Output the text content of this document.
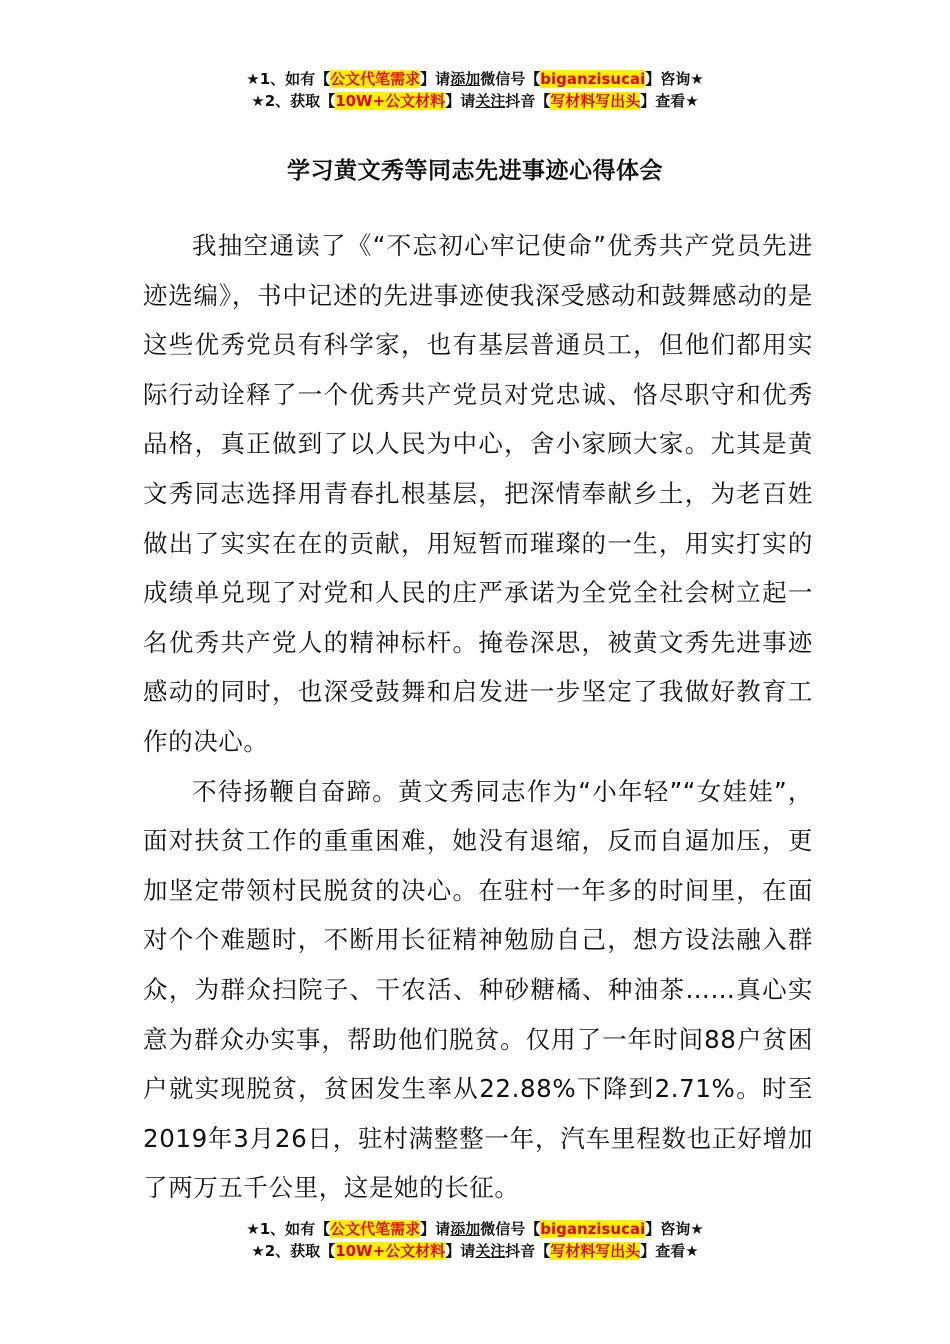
★1、如有【公文代笔需求】请添加微信号【biganzisucai】咨询★
★2、获取【10W+公文材料】请关注抖音【写材料写出头】查看★
学习黄文秀等同志先进事迹心得体会

我抽空通读了《“不忘初心牢记使命”优秀共产党员先进迹选编》，书中记述的先进事迹使我深受感动和鼓舞感动的是这些优秀党员有科学家，也有基层普通员工，但他们都用实际行动诠释了一个优秀共产党员对党忠诚、恪尽职守和优秀品格，真正做到了以人民为中心，舍小家顾大家。尤其是黄文秀同志选择用青春扎根基层，把深情奉献乡土，为老百姓做出了实实在在的贡献，用短暂而璀璨的一生，用实打实的成绩单兑现了对党和人民的庄严承诺为全党全社会树立起一名优秀共产党人的精神标杆。掩卷深思，被黄文秀先进事迹感动的同时，也深受鼓舞和启发进一步坚定了我做好教育工作的决心。

不待扬鞭自奋蹄。黄文秀同志作为“小年轻”“女娃娃”，面对扶贫工作的重重困难，她没有退缩，反而自逼加压，更加坚定带领村民脱贫的决心。在驻村一年多的时间里，在面对个个难题时，不断用长征精神勉励自己，想方设法融入群众，为群众扫院子、干农活、种砂糖橘、种油茶……真心实意为群众办实事，帮助他们脱贫。仅用了一年时间88户贫困户就实现脱贫，贫困发生率从22.88%下降到2.71%。时至2019年3月26日，驻村满整整一年，汽车里程数也正好增加了两万五千公里，这是她的长征。

★1、如有【公文代笔需求】请添加微信号【biganzisucai】咨询★
★2、获取【10W+公文材料】请关注抖音【写材料写出头】查看★
